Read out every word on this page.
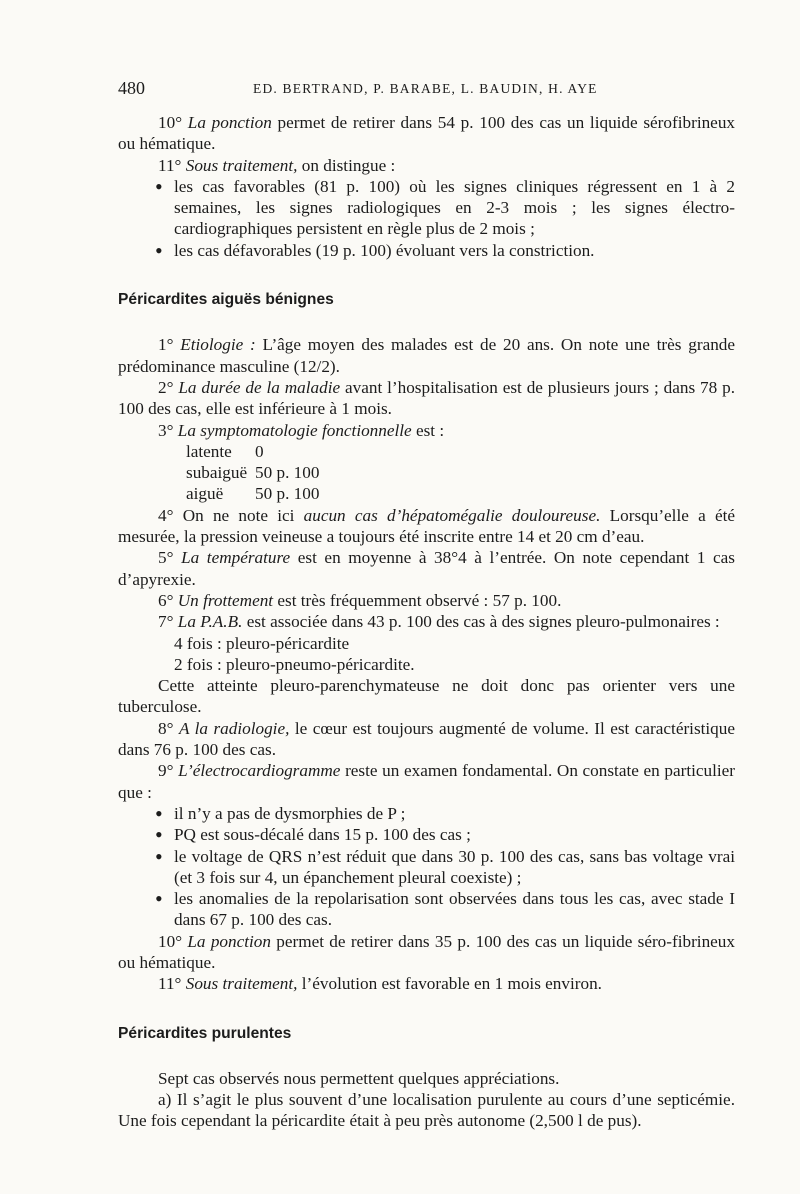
480	ED. BERTRAND, P. BARABE, L. BAUDIN, H. AYE

10° La ponction permet de retirer dans 54 p. 100 des cas un liquide sérofibrineux ou hématique.

11° Sous traitement, on distingue :

• les cas favorables (81 p. 100) où les signes cliniques régressent en 1 à 2 semaines, les signes radiologiques en 2-3 mois ; les signes électro-cardiographiques persistent en règle plus de 2 mois ;
• les cas défavorables (19 p. 100) évoluant vers la constriction.
Péricardites aiguës bénignes

1° Etiologie : L’âge moyen des malades est de 20 ans. On note une très grande prédominance masculine (12/2).

2° La durée de la maladie avant l’hospitalisation est de plusieurs jours ; dans 78 p. 100 des cas, elle est inférieure à 1 mois.

3° La symptomatologie fonctionnelle est :

latente	0
subaiguë	50 p. 100
aiguë	50 p. 100

4° On ne note ici aucun cas d’hépatomégalie douloureuse. Lorsqu’elle a été mesurée, la pression veineuse a toujours été inscrite entre 14 et 20 cm d’eau.

5° La température est en moyenne à 38°4 à l’entrée. On note cependant 1 cas d’apyrexie.

6° Un frottement est très fréquemment observé : 57 p. 100.

7° La P.A.B. est associée dans 43 p. 100 des cas à des signes pleuro-pulmonaires :

4 fois : pleuro-péricardite
2 fois : pleuro-pneumo-péricardite.

Cette atteinte pleuro-parenchymateuse ne doit donc pas orienter vers une tuberculose.

8° A la radiologie, le cœur est toujours augmenté de volume. Il est caractéristique dans 76 p. 100 des cas.

9° L’électrocardiogramme reste un examen fondamental. On constate en particulier que :

• il n’y a pas de dysmorphies de P ;
• PQ est sous-décalé dans 15 p. 100 des cas ;
• le voltage de QRS n’est réduit que dans 30 p. 100 des cas, sans bas voltage vrai (et 3 fois sur 4, un épanchement pleural coexiste) ;
• les anomalies de la repolarisation sont observées dans tous les cas, avec stade I dans 67 p. 100 des cas.

10° La ponction permet de retirer dans 35 p. 100 des cas un liquide séro-fibrineux ou hématique.

11° Sous traitement, l’évolution est favorable en 1 mois environ.

Péricardites purulentes

Sept cas observés nous permettent quelques appréciations.

a) Il s’agit le plus souvent d’une localisation purulente au cours d’une septicémie. Une fois cependant la péricardite était à peu près autonome (2,500 l de pus).
